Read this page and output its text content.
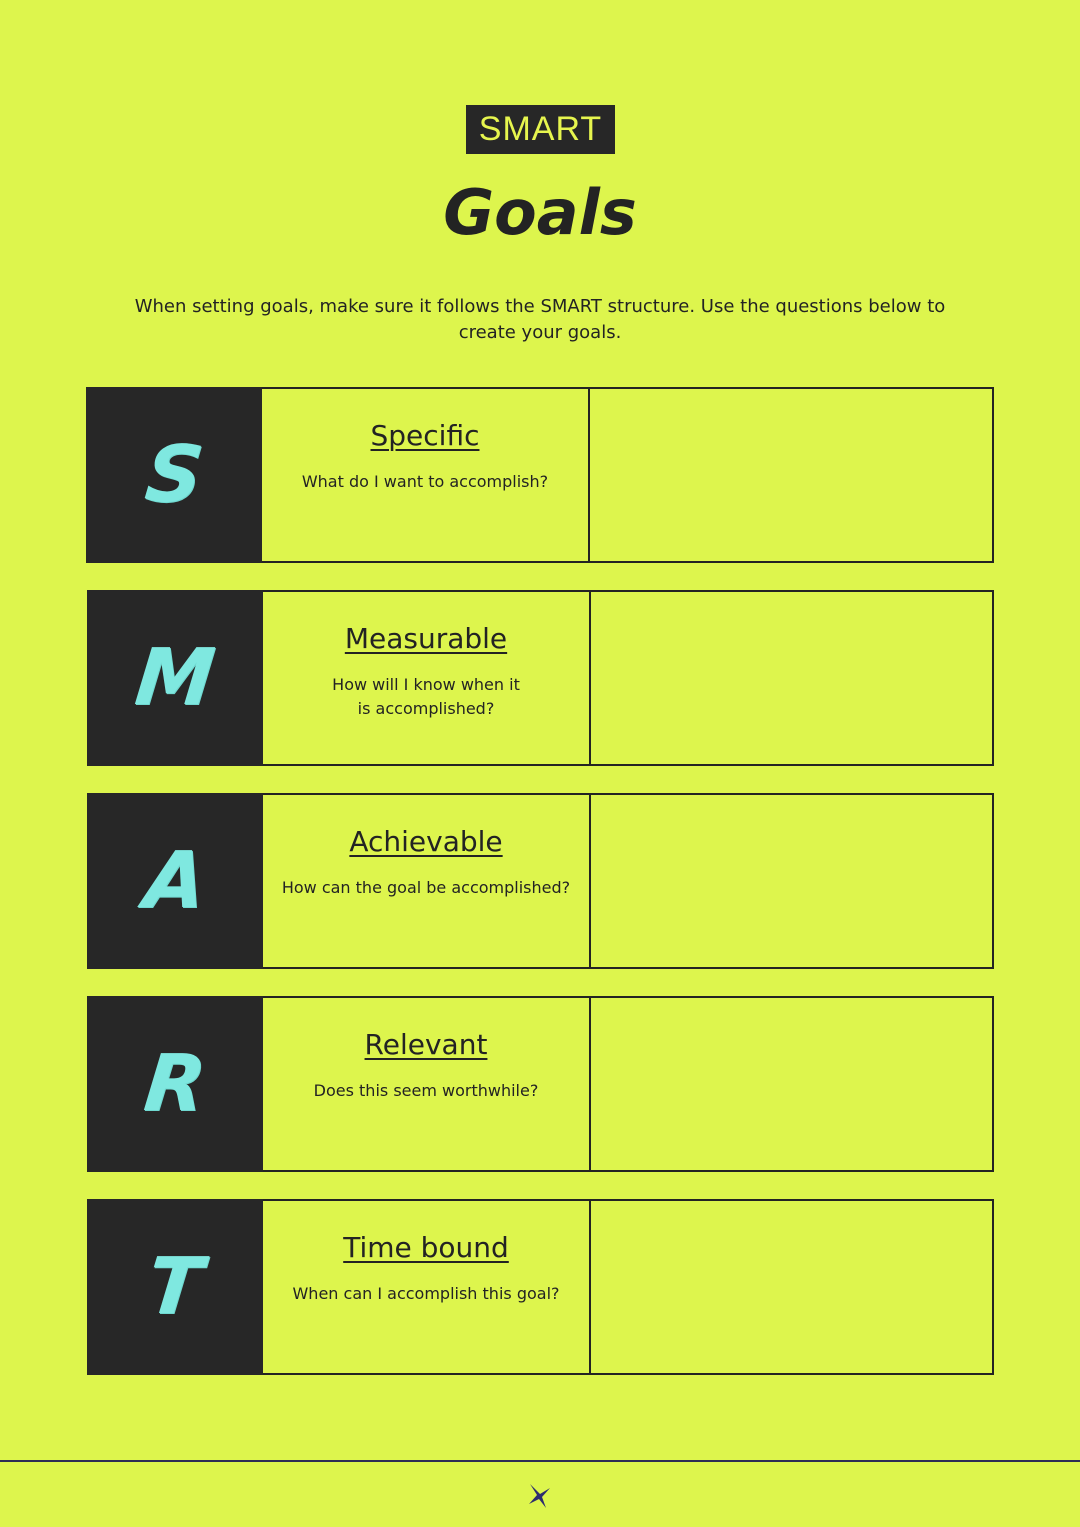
SMART
Goals

When setting goals, make sure it follows the SMART structure. Use the questions below to create your goals.

S	Specific
What do I want to accomplish?
M	Measurable
How will I know when it is accomplished?
A	Achievable
How can the goal be accomplished?
R	Relevant
Does this seem worthwhile?
T	Time bound
When can I accomplish this goal?
